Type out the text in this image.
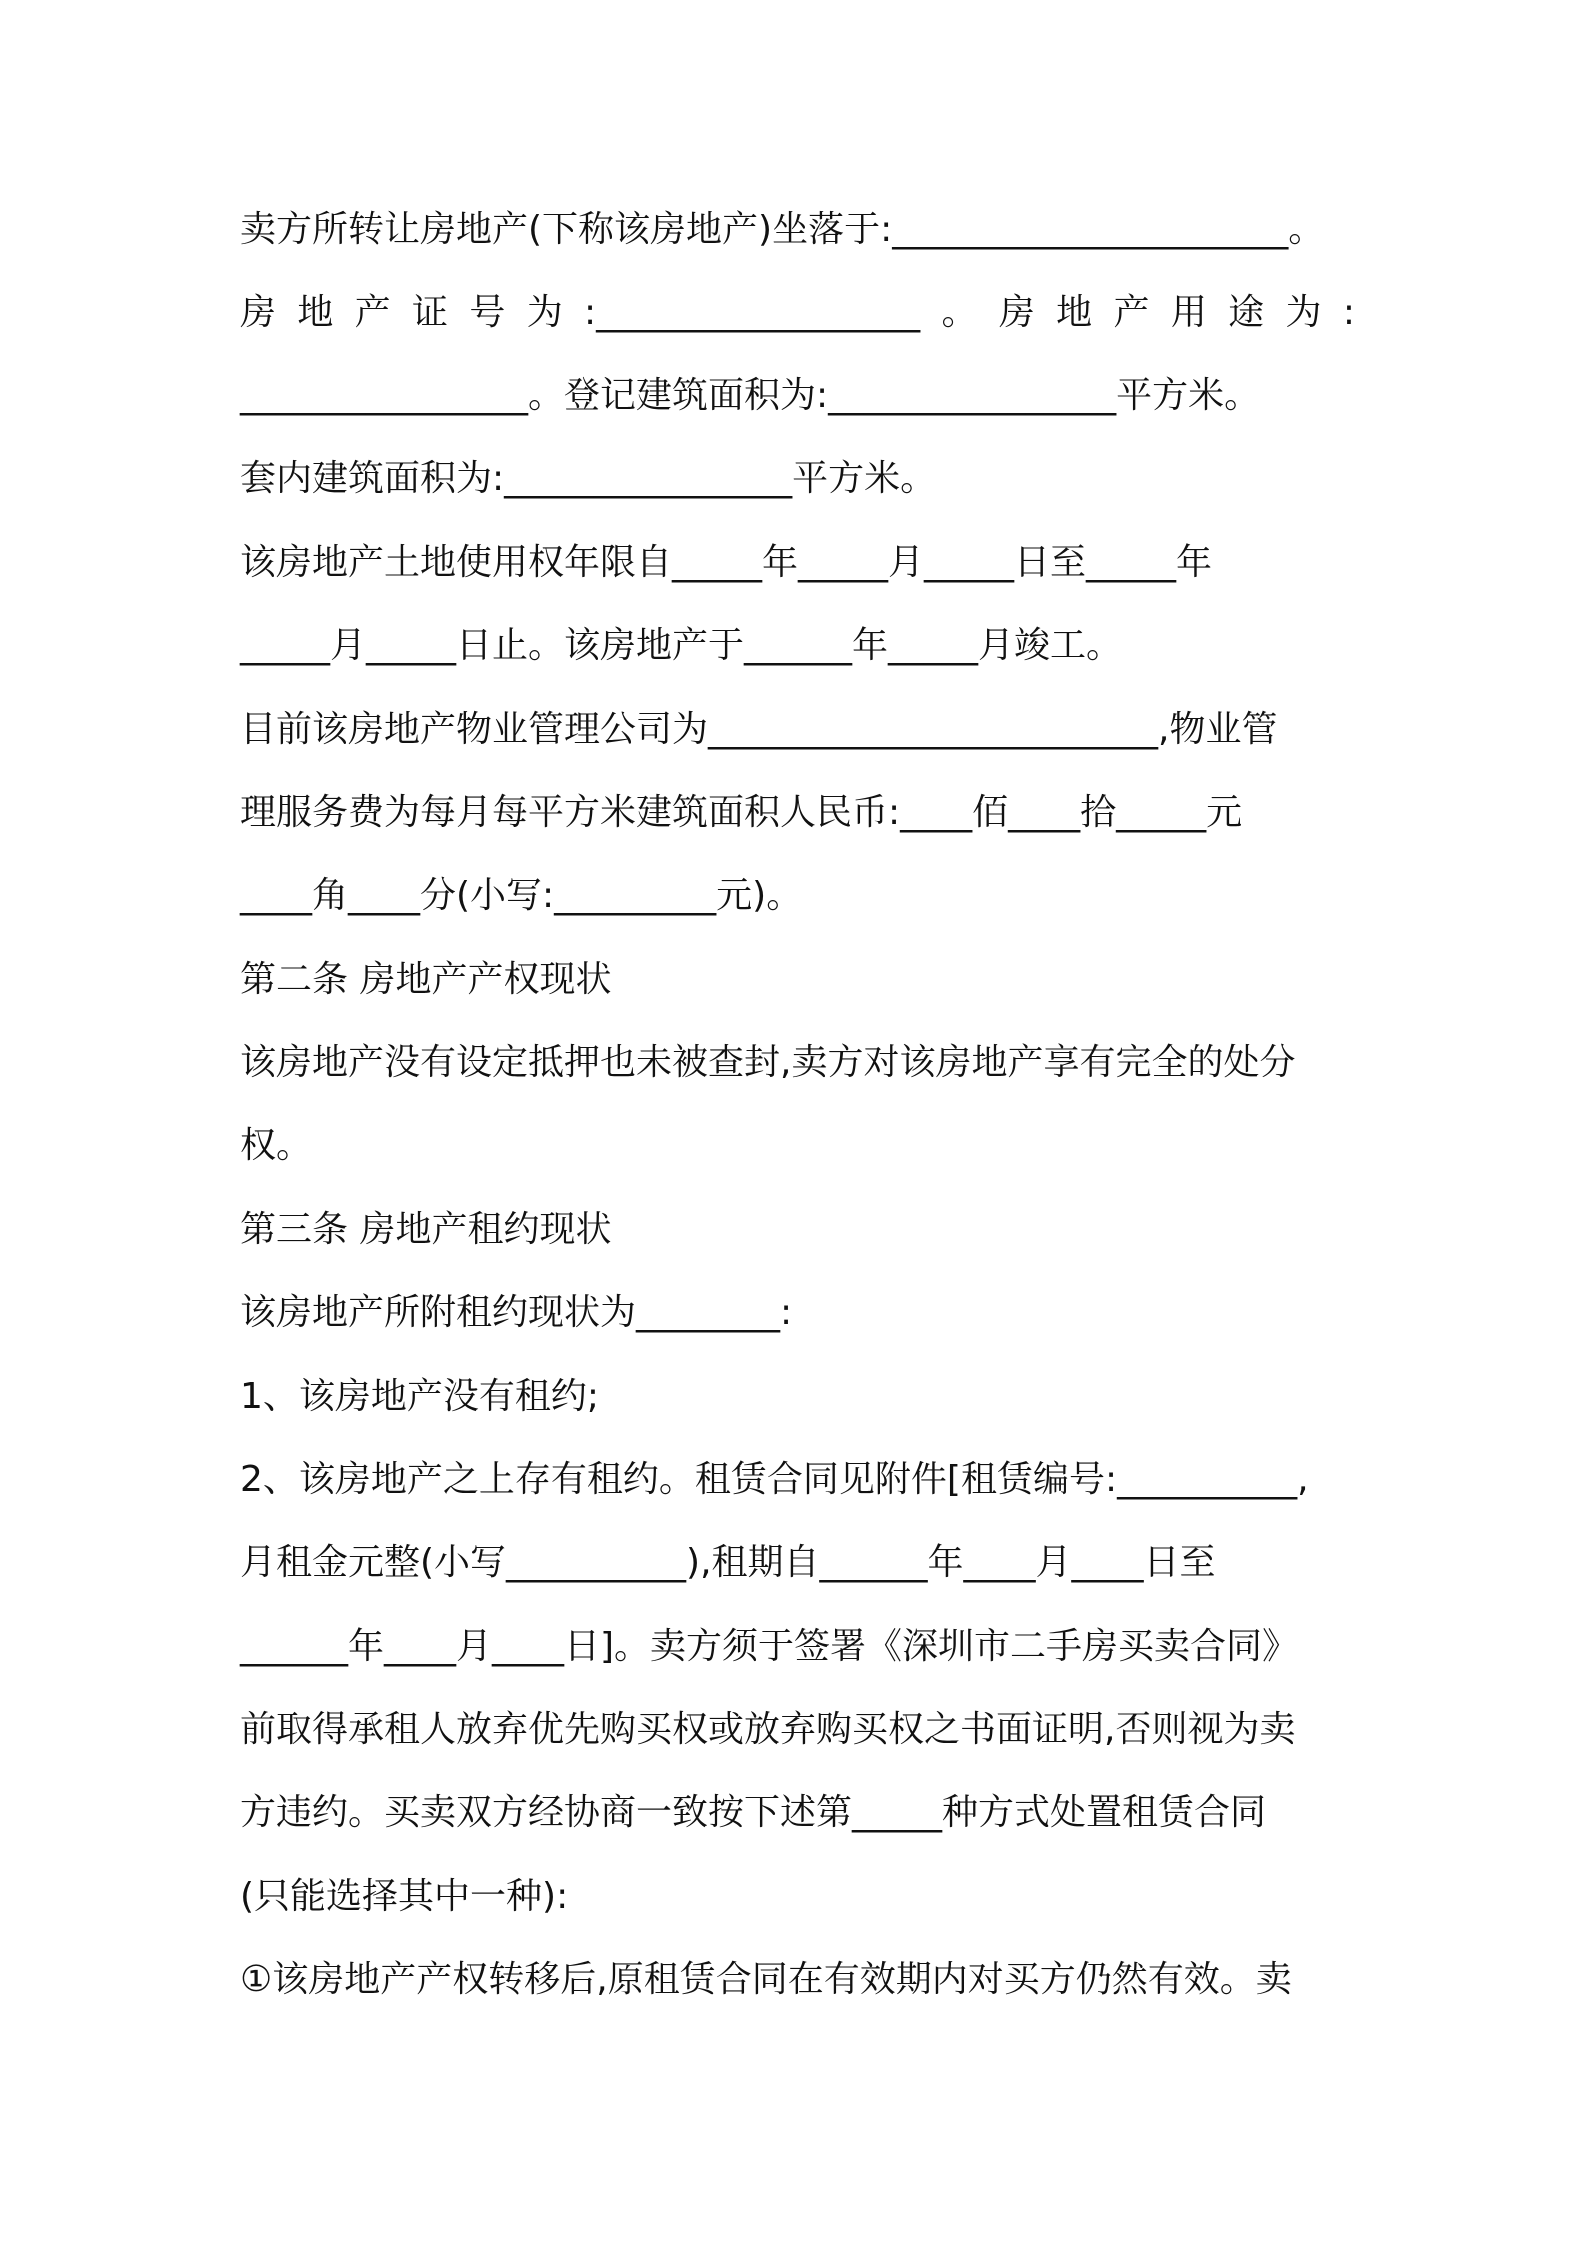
卖方所转让房地产(下称该房地产)坐落于:______________________。
房地产证号为:__________________。房地产用途为:
________________。登记建筑面积为:________________平方米。
套内建筑面积为:________________平方米。
该房地产土地使用权年限自_____年_____月_____日至_____年
_____月_____日止。该房地产于______年_____月竣工。
目前该房地产物业管理公司为_________________________,物业管
理服务费为每月每平方米建筑面积人民币:____佰____拾_____元
____角____分(小写:_________元)。
第二条 房地产产权现状
该房地产没有设定抵押也未被查封,卖方对该房地产享有完全的处分
权。
第三条 房地产租约现状
该房地产所附租约现状为________:
1、该房地产没有租约;
2、该房地产之上存有租约。租赁合同见附件[租赁编号:__________,
月租金元整(小写__________),租期自______年____月____日至
______年____月____日]。卖方须于签署《深圳市二手房买卖合同》
前取得承租人放弃优先购买权或放弃购买权之书面证明,否则视为卖
方违约。买卖双方经协商一致按下述第_____种方式处置租赁合同
(只能选择其中一种):
①该房地产产权转移后,原租赁合同在有效期内对买方仍然有效。卖
